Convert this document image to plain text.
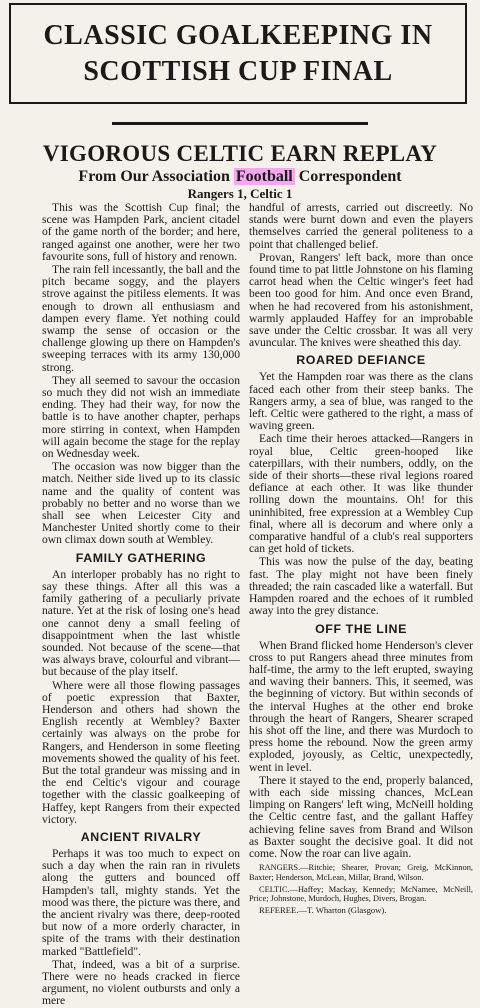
CLASSIC GOALKEEPING IN
SCOTTISH CUP FINAL
VIGOROUS CELTIC EARN REPLAY
From Our Association Football Correspondent
Rangers 1, Celtic 1

This was the Scottish Cup final; the scene was Hampden Park, ancient citadel of the game north of the border; and here, ranged against one another, were her two favourite sons, full of history and renown.

The rain fell incessantly, the ball and the pitch became soggy, and the players strove against the pitiless elements. It was enough to drown all enthusiasm and dampen every flame. Yet nothing could swamp the sense of occasion or the challenge glowing up there on Hampden's sweeping terraces with its army 130,000 strong.

They all seemed to savour the occasion so much they did not wish an immediate ending. They had their way, for now the battle is to have another chapter, perhaps more stirring in context, when Hampden will again become the stage for the replay on Wednesday week.

The occasion was now bigger than the match. Neither side lived up to its classic name and the quality of content was probably no better and no worse than we shall see when Leicester City and Manchester United shortly come to their own climax down south at Wembley.

FAMILY GATHERING

An interloper probably has no right to say these things. After all this was a family gathering of a peculiarly private nature. Yet at the risk of losing one's head one cannot deny a small feeling of disappointment when the last whistle sounded. Not because of the scene—that was always brave, colourful and vibrant—but because of the play itself.

Where were all those flowing passages of poetic expression that Baxter, Henderson and others had shown the English recently at Wembley? Baxter certainly was always on the probe for Rangers, and Henderson in some fleeting movements showed the quality of his feet. But the total grandeur was missing and in the end Celtic's vigour and courage together with the classic goalkeeping of Haffey, kept Rangers from their expected victory.

ANCIENT RIVALRY

Perhaps it was too much to expect on such a day when the rain ran in rivulets along the gutters and bounced off Hampden's tall, mighty stands. Yet the mood was there, the picture was there, and the ancient rivalry was there, deep-rooted but now of a more orderly character, in spite of the trams with their destination marked "Battlefield".

That, indeed, was a bit of a surprise. There were no heads cracked in fierce argument, no violent outbursts and only a mere

handful of arrests, carried out discreetly. No stands were burnt down and even the players themselves carried the general politeness to a point that challenged belief.

Provan, Rangers' left back, more than once found time to pat little Johnstone on his flaming carrot head when the Celtic winger's feet had been too good for him. And once even Brand, when he had recovered from his astonishment, warmly applauded Haffey for an improbable save under the Celtic crossbar. It was all very avuncular. The knives were sheathed this day.

ROARED DEFIANCE

Yet the Hampden roar was there as the clans faced each other from their steep banks. The Rangers army, a sea of blue, was ranged to the left. Celtic were gathered to the right, a mass of waving green.

Each time their heroes attacked—Rangers in royal blue, Celtic green-hooped like caterpillars, with their numbers, oddly, on the side of their shorts—these rival legions roared defiance at each other. It was like thunder rolling down the mountains. Oh! for this uninhibited, free expression at a Wembley Cup final, where all is decorum and where only a comparative handful of a club's real supporters can get hold of tickets.

This was now the pulse of the day, beating fast. The play might not have been finely threaded; the rain cascaded like a waterfall. But Hampden roared and the echoes of it rumbled away into the grey distance.

OFF THE LINE

When Brand flicked home Henderson's clever cross to put Rangers ahead three minutes from half-time, the army to the left erupted, swaying and waving their banners. This, it seemed, was the beginning of victory. But within seconds of the interval Hughes at the other end broke through the heart of Rangers, Shearer scraped his shot off the line, and there was Murdoch to press home the rebound. Now the green army exploded, joyously, as Celtic, unexpectedly, went in level.

There it stayed to the end, properly balanced, with each side missing chances, McLean limping on Rangers' left wing, McNeill holding the Celtic centre fast, and the gallant Haffey achieving feline saves from Brand and Wilson as Baxter sought the decisive goal. It did not come. Now the roar can live again.

RANGERS.—Ritchie; Shearer, Provan; Greig, McKinnon, Baxter; Henderson, McLean, Millar, Brand, Wilson.

CELTIC.—Haffey; Mackay, Kennedy; McNamee, McNeill, Price; Johnstone, Murdoch, Hughes, Divers, Brogan.

REFEREE.—T. Wharton (Glasgow).
